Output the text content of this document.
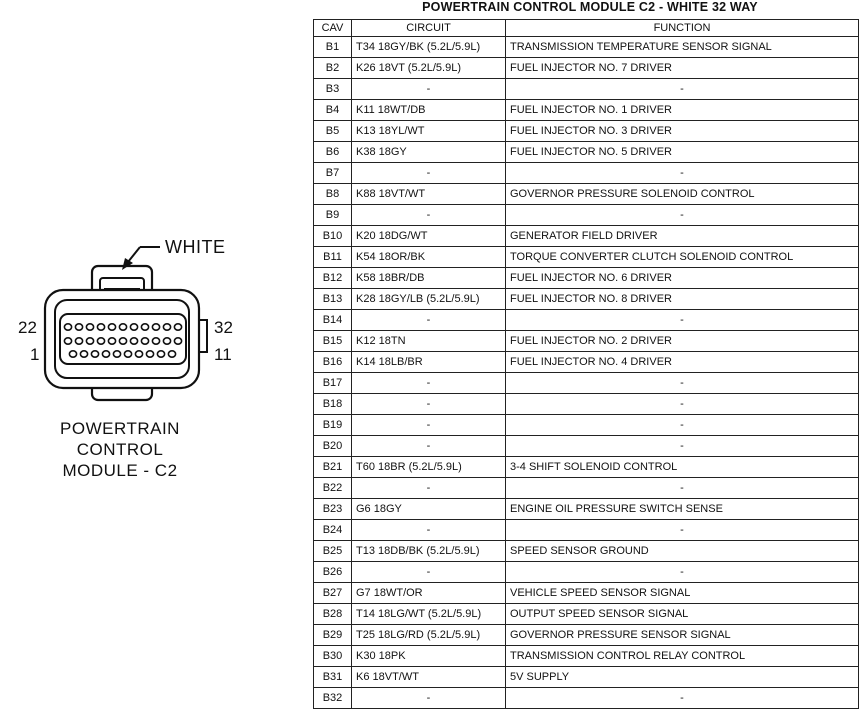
22
1
32
11
WHITE
POWERTRAIN
CONTROL
MODULE - C2
POWERTRAIN CONTROL MODULE C2 - WHITE 32 WAY
CAV	CIRCUIT	FUNCTION
B1	T34 18GY/BK (5.2L/5.9L)	TRANSMISSION TEMPERATURE SENSOR SIGNAL
B2	K26 18VT (5.2L/5.9L)	FUEL INJECTOR NO. 7 DRIVER
B3	-	-
B4	K11 18WT/DB	FUEL INJECTOR NO. 1 DRIVER
B5	K13 18YL/WT	FUEL INJECTOR NO. 3 DRIVER
B6	K38 18GY	FUEL INJECTOR NO. 5 DRIVER
B7	-	-
B8	K88 18VT/WT	GOVERNOR PRESSURE SOLENOID CONTROL
B9	-	-
B10	K20 18DG/WT	GENERATOR FIELD DRIVER
B11	K54 18OR/BK	TORQUE CONVERTER CLUTCH SOLENOID CONTROL
B12	K58 18BR/DB	FUEL INJECTOR NO. 6 DRIVER
B13	K28 18GY/LB (5.2L/5.9L)	FUEL INJECTOR NO. 8 DRIVER
B14	-	-
B15	K12 18TN	FUEL INJECTOR NO. 2 DRIVER
B16	K14 18LB/BR	FUEL INJECTOR NO. 4 DRIVER
B17	-	-
B18	-	-
B19	-	-
B20	-	-
B21	T60 18BR (5.2L/5.9L)	3-4 SHIFT SOLENOID CONTROL
B22	-	-
B23	G6 18GY	ENGINE OIL PRESSURE SWITCH SENSE
B24	-	-
B25	T13 18DB/BK (5.2L/5.9L)	SPEED SENSOR GROUND
B26	-	-
B27	G7 18WT/OR	VEHICLE SPEED SENSOR SIGNAL
B28	T14 18LG/WT (5.2L/5.9L)	OUTPUT SPEED SENSOR SIGNAL
B29	T25 18LG/RD (5.2L/5.9L)	GOVERNOR PRESSURE SENSOR SIGNAL
B30	K30 18PK	TRANSMISSION CONTROL RELAY CONTROL
B31	K6 18VT/WT	5V SUPPLY
B32	-	-
